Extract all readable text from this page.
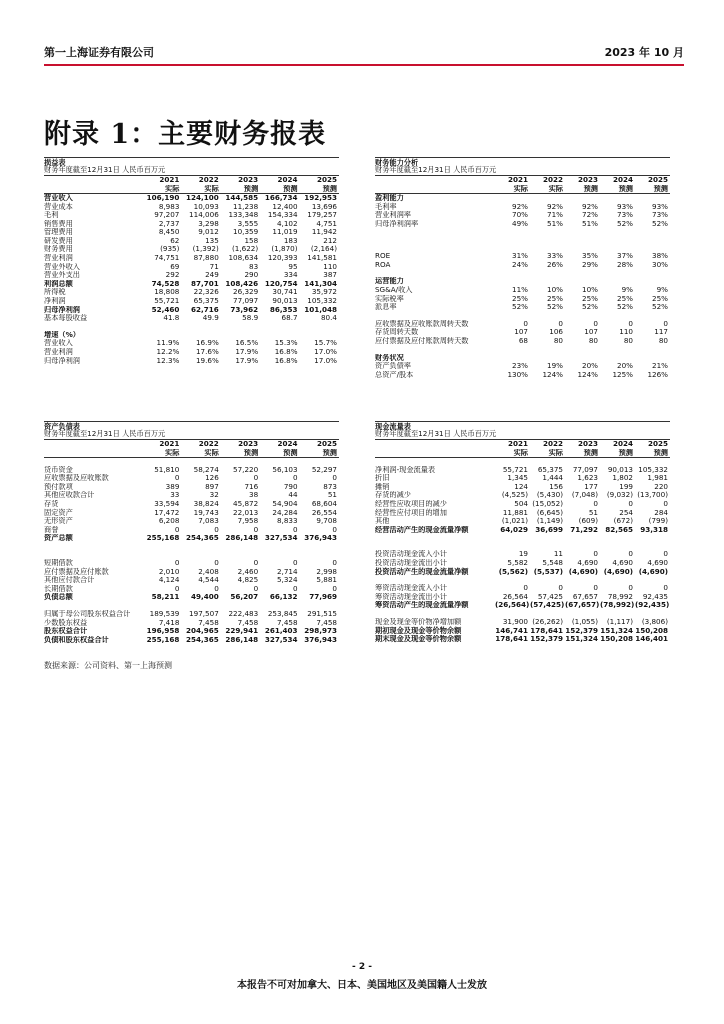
第一上海证券有限公司	2023 年 10 月
附录 1：主要财务报表
损益表
财务年度截至12月31日 人民币百万元
	2021	2022	2023	2024	2025
	实际	实际	预测	预测	预测
营业收入	106,190	124,100	144,585	166,734	192,953
营业成本	8,983	10,093	11,238	12,400	13,696
毛利	97,207	114,006	133,348	154,334	179,257
销售费用	2,737	3,298	3,555	4,102	4,751
管理费用	8,450	9,012	10,359	11,019	11,942
研发费用	62	135	158	183	212
财务费用	(935)	(1,392)	(1,622)	(1,870)	(2,164)
营业利润	74,751	87,880	108,634	120,393	141,581
营业外收入	69	71	83	95	110
营业外支出	292	249	290	334	387
利润总额	74,528	87,701	108,426	120,754	141,304
所得税	18,808	22,326	26,329	30,741	35,972
净利润	55,721	65,375	77,097	90,013	105,332
归母净利润	52,460	62,716	73,962	86,353	101,048
基本每股收益	41.8	49.9	58.9	68.7	80.4

增速（%）					
营业收入	11.9%	16.9%	16.5%	15.3%	15.7%
营业利润	12.2%	17.6%	17.9%	16.8%	17.0%
归母净利润	12.3%	19.6%	17.9%	16.8%	17.0%
财务能力分析
财务年度截至12月31日 人民币百万元
	2021	2022	2023	2024	2025
	实际	实际	预测	预测	预测
盈利能力					
毛利率	92%	92%	92%	93%	93%
营业利润率	70%	71%	72%	73%	73%
归母净利润率	49%	51%	51%	52%	52%

ROE	31%	33%	35%	37%	38%
ROA	24%	26%	29%	28%	30%

运营能力					
SG&A/收入	11%	10%	10%	9%	9%
实际税率	25%	25%	25%	25%	25%
派息率	52%	52%	52%	52%	52%

应收票据及应收账款周转天数	0	0	0	0	0
存货周转天数	107	106	107	110	117
应付票据及应付账款周转天数	68	80	80	80	80

财务状况					
资产负债率	23%	19%	20%	20%	21%
总资产/股本	130%	124%	124%	125%	126%
资产负债表
财务年度截至12月31日 人民币百万元
	2021	2022	2023	2024	2025
	实际	实际	预测	预测	预测

货币资金	51,810	58,274	57,220	56,103	52,297
应收票据及应收账款	0	126	0	0	0
预付款项	389	897	716	790	873
其他应收款合计	33	32	38	44	51
存货	33,594	38,824	45,872	54,904	68,604
固定资产	17,472	19,743	22,013	24,284	26,554
无形资产	6,208	7,083	7,958	8,833	9,708
商誉	0	0	0	0	0
资产总额	255,168	254,365	286,148	327,534	376,943

短期借款	0	0	0	0	0
应付票据及应付账款	2,010	2,408	2,460	2,714	2,998
其他应付款合计	4,124	4,544	4,825	5,324	5,881
长期借款	0	0	0	0	0
负债总额	58,211	49,400	56,207	66,132	77,969

归属于母公司股东权益合计	189,539	197,507	222,483	253,845	291,515
少数股东权益	7,418	7,458	7,458	7,458	7,458
股东权益合计	196,958	204,965	229,941	261,403	298,973
负债和股东权益合计	255,168	254,365	286,148	327,534	376,943
现金流量表
财务年度截至12月31日 人民币百万元
	2021	2022	2023	2024	2025
	实际	实际	预测	预测	预测

净利润-现金流量表	55,721	65,375	77,097	90,013	105,332
折旧	1,345	1,444	1,623	1,802	1,981
摊销	124	156	177	199	220
存货的减少	(4,525)	(5,430)	(7,048)	(9,032)	(13,700)
经营性应收项目的减少	504	(15,052)	0	0	0
经营性应付项目的增加	11,881	(6,645)	51	254	284
其他	(1,021)	(1,149)	(609)	(672)	(799)
经营活动产生的现金流量净额	64,029	36,699	71,292	82,565	93,318

投资活动现金流入小计	19	11	0	0	0
投资活动现金流出小计	5,582	5,548	4,690	4,690	4,690
投资活动产生的现金流量净额	(5,562)	(5,537)	(4,690)	(4,690)	(4,690)

筹资活动现金流入小计	0	0	0	0	0
筹资活动现金流出小计	26,564	57,425	67,657	78,992	92,435
筹资活动产生的现金流量净额	(26,564)	(57,425)	(67,657)	(78,992)	(92,435)

现金及现金等价物净增加额	31,900	(26,262)	(1,055)	(1,117)	(3,806)
期初现金及现金等价物余额	146,741	178,641	152,379	151,324	150,208
期末现金及现金等价物余额	178,641	152,379	151,324	150,208	146,401
数据来源：公司资料、第一上海预测
- 2 -
本报告不可对加拿大、日本、美国地区及美国籍人士发放
